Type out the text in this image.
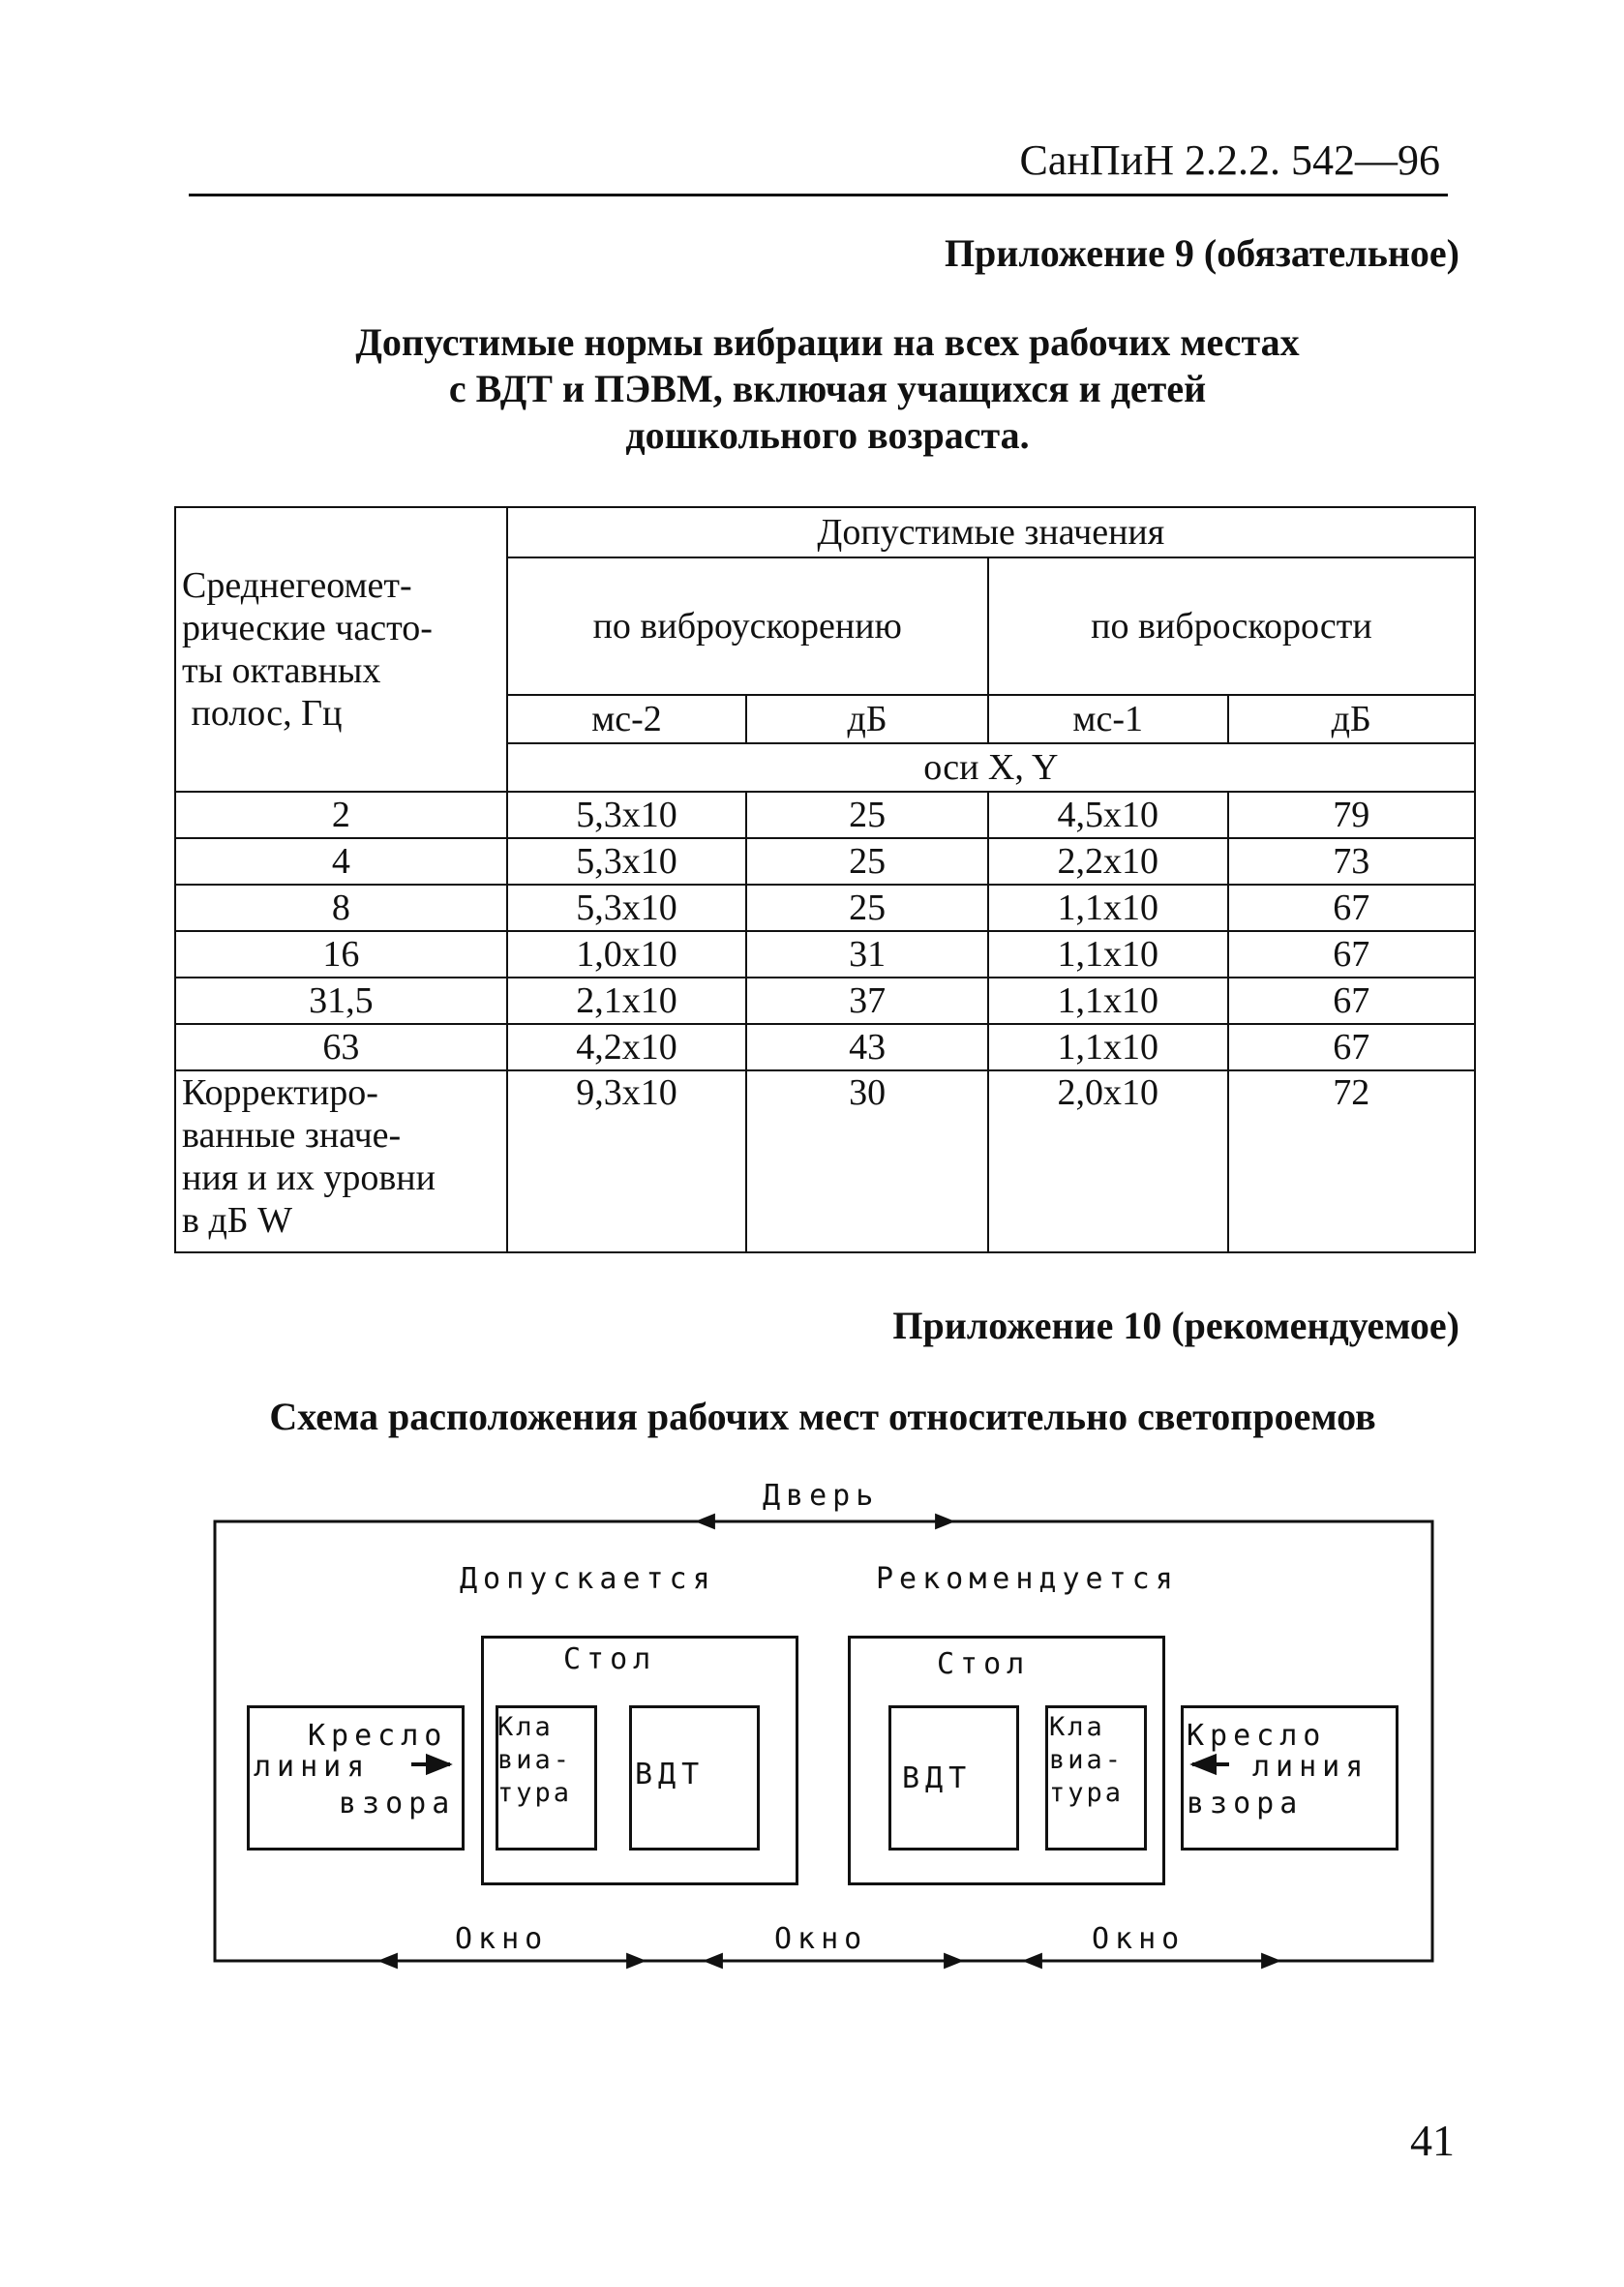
СанПиН 2.2.2. 542—96
Приложение 9 (обязательное)
Допустимые нормы вибрации на всех рабочих местах
с ВДТ и ПЭВМ, включая учащихся и детей
дошкольного возраста.
Среднегеомет-
рические часто-
ты октавных
полос, Гц	Допустимые значения			
	по виброускорению		по виброскорости	
	мс-2	дБ	мс-1	дБ
	оси X, Y			
2	5,3x10	25	4,5x10	79
4	5,3x10	25	2,2x10	73
8	5,3x10	25	1,1x10	67
16	1,0x10	31	1,1x10	67
31,5	2,1x10	37	1,1x10	67
63	4,2x10	43	1,1x10	67

Корректиро-
ванные значе-
ния и их уровни
в дБ W	9,3x10	30	2,0x10	72
Приложение 10 (рекомендуемое)
Схема расположения рабочих мест относительно светопроемов
Дверь
Допускается	Рекомендуется
Стол
Кла
виа-
тура
ВДТ
Кресло
линия
взора
Стол
ВДТ
Кла
виа-
тура
Кресло
линия
взора
Окно	Окно	Окно
41
